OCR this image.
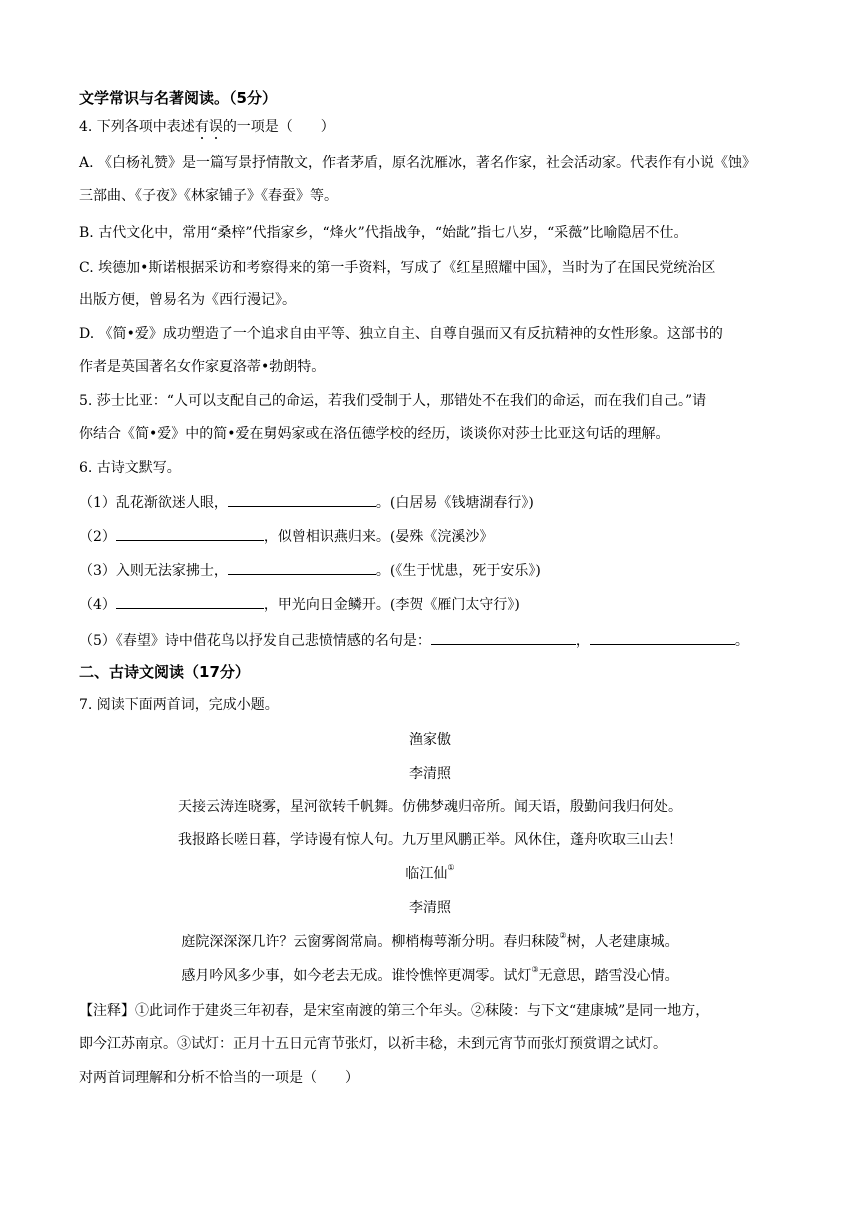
文学常识与名著阅读。（5分）
4. 下列各项中表述有误的一项是（　　）
A. 《白杨礼赞》是一篇写景抒情散文，作者茅盾，原名沈雁冰，著名作家，社会活动家。代表作有小说《蚀》
三部曲、《子夜》《林家铺子》《春蚕》等。
B. 古代文化中，常用“桑梓”代指家乡，“烽火”代指战争，“始龀”指七八岁，“采薇”比喻隐居不仕。
C. 埃德加•斯诺根据采访和考察得来的第一手资料，写成了《红星照耀中国》，当时为了在国民党统治区
出版方便，曾易名为《西行漫记》。
D. 《简•爱》成功塑造了一个追求自由平等、独立自主、自尊自强而又有反抗精神的女性形象。这部书的
作者是英国著名女作家夏洛蒂•勃朗特。
5. 莎士比亚：“人可以支配自己的命运，若我们受制于人，那错处不在我们的命运，而在我们自己。”请
你结合《简•爱》中的简•爱在舅妈家或在洛伍德学校的经历，谈谈你对莎士比亚这句话的理解。
6. 古诗文默写。
（1）乱花渐欲迷人眼，	。(白居易《钱塘湖春行》)
（2）	，似曾相识燕归来。(晏殊《浣溪沙》
（3）入则无法家拂士，	。(《生于忧患，死于安乐》)
（4）	，甲光向日金鳞开。(李贺《雁门太守行》)
（5）《春望》诗中借花鸟以抒发自己悲愤情感的名句是：	，	。
二、古诗文阅读（17分）
7. 阅读下面两首词，完成小题。
渔家傲
李清照
天接云涛连晓雾，星河欲转千帆舞。仿佛梦魂归帝所。闻天语，殷勤问我归何处。
我报路长嗟日暮，学诗谩有惊人句。九万里风鹏正举。风休住，蓬舟吹取三山去！
临江仙①
李清照
庭院深深深几许？云窗雾阁常扃。柳梢梅萼渐分明。春归秣陵②树，人老建康城。
感月吟风多少事，如今老去无成。谁怜憔悴更凋零。试灯③无意思，踏雪没心情。
【注释】①此词作于建炎三年初春，是宋室南渡的第三个年头。②秣陵：与下文“建康城”是同一地方，
即今江苏南京。③试灯：正月十五日元宵节张灯，以祈丰稔，未到元宵节而张灯预赏谓之试灯。
对两首词理解和分析不恰当的一项是（　　）
